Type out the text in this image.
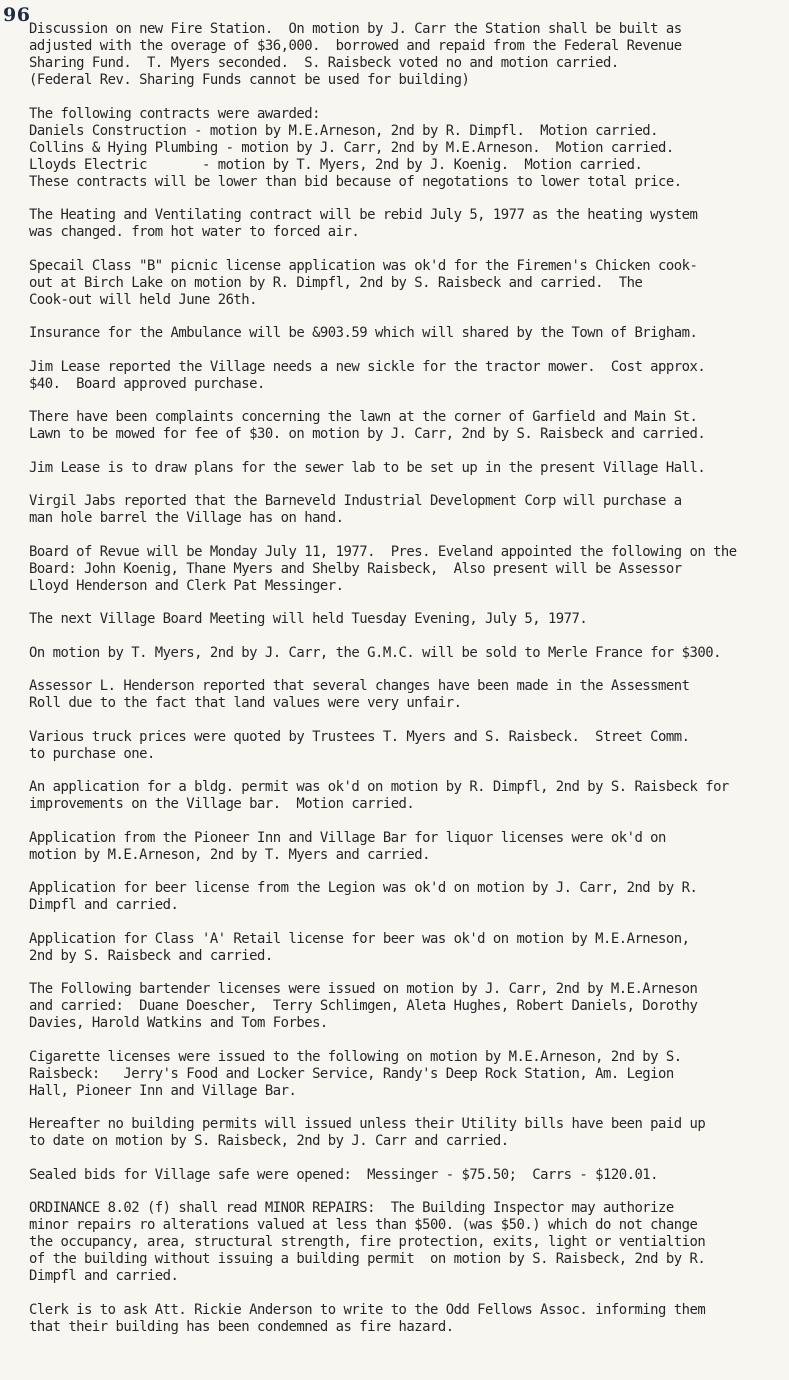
96
Discussion on new Fire Station.  On motion by J. Carr the Station shall be built as
adjusted with the overage of $36,000.  borrowed and repaid from the Federal Revenue
Sharing Fund.  T. Myers seconded.  S. Raisbeck voted no and motion carried.
(Federal Rev. Sharing Funds cannot be used for building)
The following contracts were awarded:
Daniels Construction - motion by M.E.Arneson, 2nd by R. Dimpfl.  Motion carried.
Collins & Hying Plumbing - motion by J. Carr, 2nd by M.E.Arneson.  Motion carried.
Lloyds Electric       - motion by T. Myers, 2nd by J. Koenig.  Motion carried.
These contracts will be lower than bid because of negotations to lower total price.
The Heating and Ventilating contract will be rebid July 5, 1977 as the heating wystem
was changed. from hot water to forced air.
Specail Class "B" picnic license application was ok'd for the Firemen's Chicken cook-
out at Birch Lake on motion by R. Dimpfl, 2nd by S. Raisbeck and carried.  The
Cook-out will held June 26th.
Insurance for the Ambulance will be &903.59 which will shared by the Town of Brigham.
Jim Lease reported the Village needs a new sickle for the tractor mower.  Cost approx.
$40.  Board approved purchase.
There have been complaints concerning the lawn at the corner of Garfield and Main St.
Lawn to be mowed for fee of $30. on motion by J. Carr, 2nd by S. Raisbeck and carried.
Jim Lease is to draw plans for the sewer lab to be set up in the present Village Hall.
Virgil Jabs reported that the Barneveld Industrial Development Corp will purchase a
man hole barrel the Village has on hand.
Board of Revue will be Monday July 11, 1977.  Pres. Eveland appointed the following on the
Board: John Koenig, Thane Myers and Shelby Raisbeck,  Also present will be Assessor
Lloyd Henderson and Clerk Pat Messinger.
The next Village Board Meeting will held Tuesday Evening, July 5, 1977.
On motion by T. Myers, 2nd by J. Carr, the G.M.C. will be sold to Merle France for $300.
Assessor L. Henderson reported that several changes have been made in the Assessment
Roll due to the fact that land values were very unfair.
Various truck prices were quoted by Trustees T. Myers and S. Raisbeck.  Street Comm.
to purchase one.
An application for a bldg. permit was ok'd on motion by R. Dimpfl, 2nd by S. Raisbeck for
improvements on the Village bar.  Motion carried.
Application from the Pioneer Inn and Village Bar for liquor licenses were ok'd on
motion by M.E.Arneson, 2nd by T. Myers and carried.
Application for beer license from the Legion was ok'd on motion by J. Carr, 2nd by R.
Dimpfl and carried.
Application for Class 'A' Retail license for beer was ok'd on motion by M.E.Arneson,
2nd by S. Raisbeck and carried.
The Following bartender licenses were issued on motion by J. Carr, 2nd by M.E.Arneson
and carried:  Duane Doescher,  Terry Schlimgen, Aleta Hughes, Robert Daniels, Dorothy
Davies, Harold Watkins and Tom Forbes.
Cigarette licenses were issued to the following on motion by M.E.Arneson, 2nd by S.
Raisbeck:   Jerry's Food and Locker Service, Randy's Deep Rock Station, Am. Legion
Hall, Pioneer Inn and Village Bar.
Hereafter no building permits will issued unless their Utility bills have been paid up
to date on motion by S. Raisbeck, 2nd by J. Carr and carried.
Sealed bids for Village safe were opened:  Messinger - $75.50;  Carrs - $120.01.
ORDINANCE 8.02 (f) shall read MINOR REPAIRS:  The Building Inspector may authorize
minor repairs ro alterations valued at less than $500. (was $50.) which do not change
the occupancy, area, structural strength, fire protection, exits, light or ventialtion
of the building without issuing a building permit  on motion by S. Raisbeck, 2nd by R.
Dimpfl and carried.
Clerk is to ask Att. Rickie Anderson to write to the Odd Fellows Assoc. informing them
that their building has been condemned as fire hazard.
